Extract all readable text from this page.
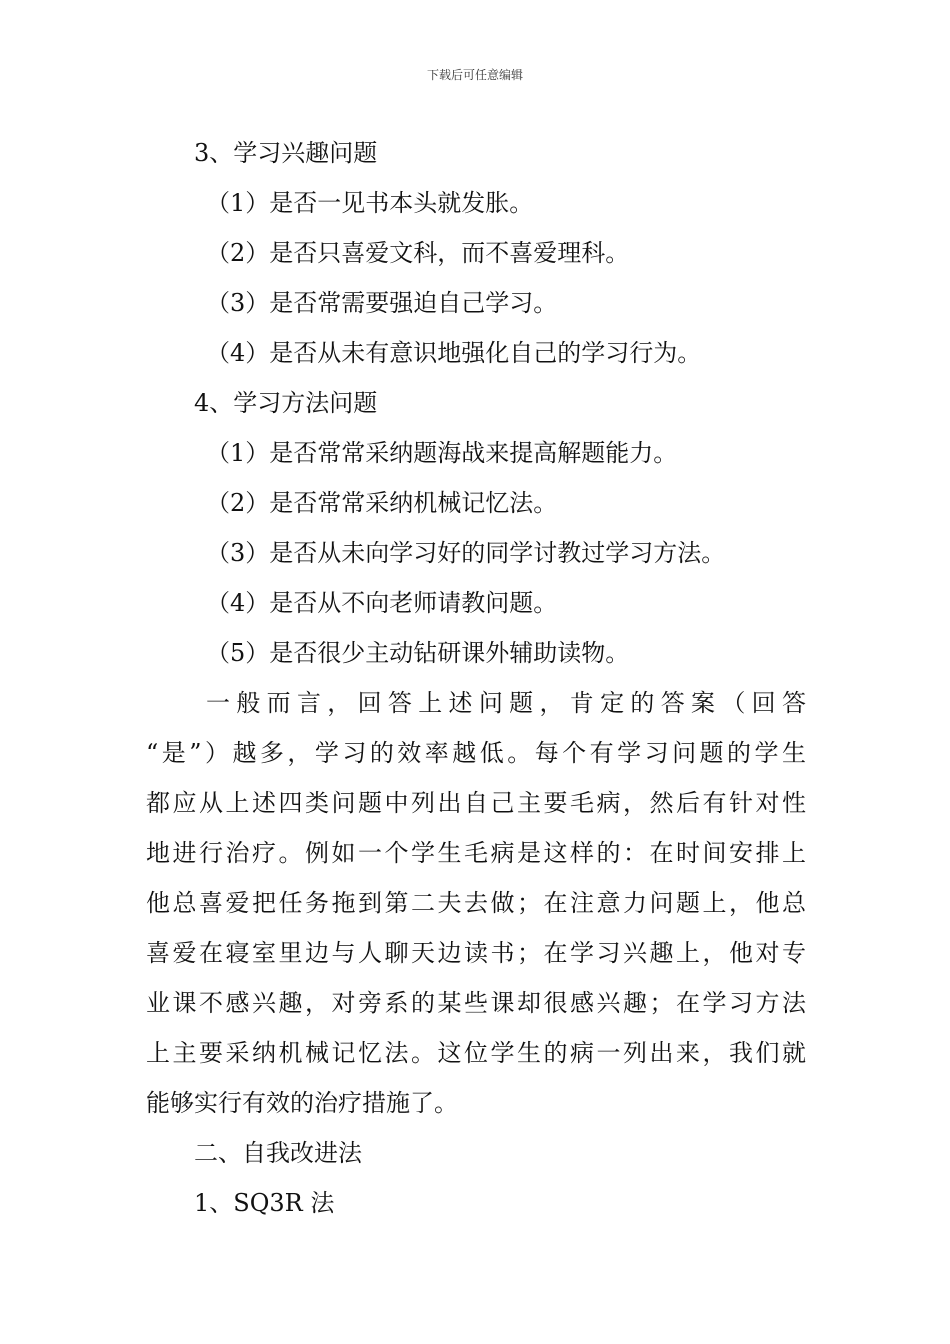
下载后可任意编辑
3、学习兴趣问题
（1）是否一见书本头就发胀。
（2）是否只喜爱文科，而不喜爱理科。
（3）是否常需要强迫自己学习。
（4）是否从未有意识地强化自己的学习行为。
4、学习方法问题
（1）是否常常采纳题海战来提高解题能力。
（2）是否常常采纳机械记忆法。
（3）是否从未向学习好的同学讨教过学习方法。
（4）是否从不向老师请教问题。
（5）是否很少主动钻研课外辅助读物。
一般而言，回答上述问题，肯定的答案（回答
“是”）越多，学习的效率越低。每个有学习问题的学生
都应从上述四类问题中列出自己主要毛病，然后有针对性
地进行治疗。例如一个学生毛病是这样的：在时间安排上
他总喜爱把任务拖到第二夫去做；在注意力问题上，他总
喜爱在寝室里边与人聊天边读书；在学习兴趣上，他对专
业课不感兴趣，对旁系的某些课却很感兴趣；在学习方法
上主要采纳机械记忆法。这位学生的病一列出来，我们就
能够实行有效的治疗措施了。
二、自我改进法
1、SQ3R 法
